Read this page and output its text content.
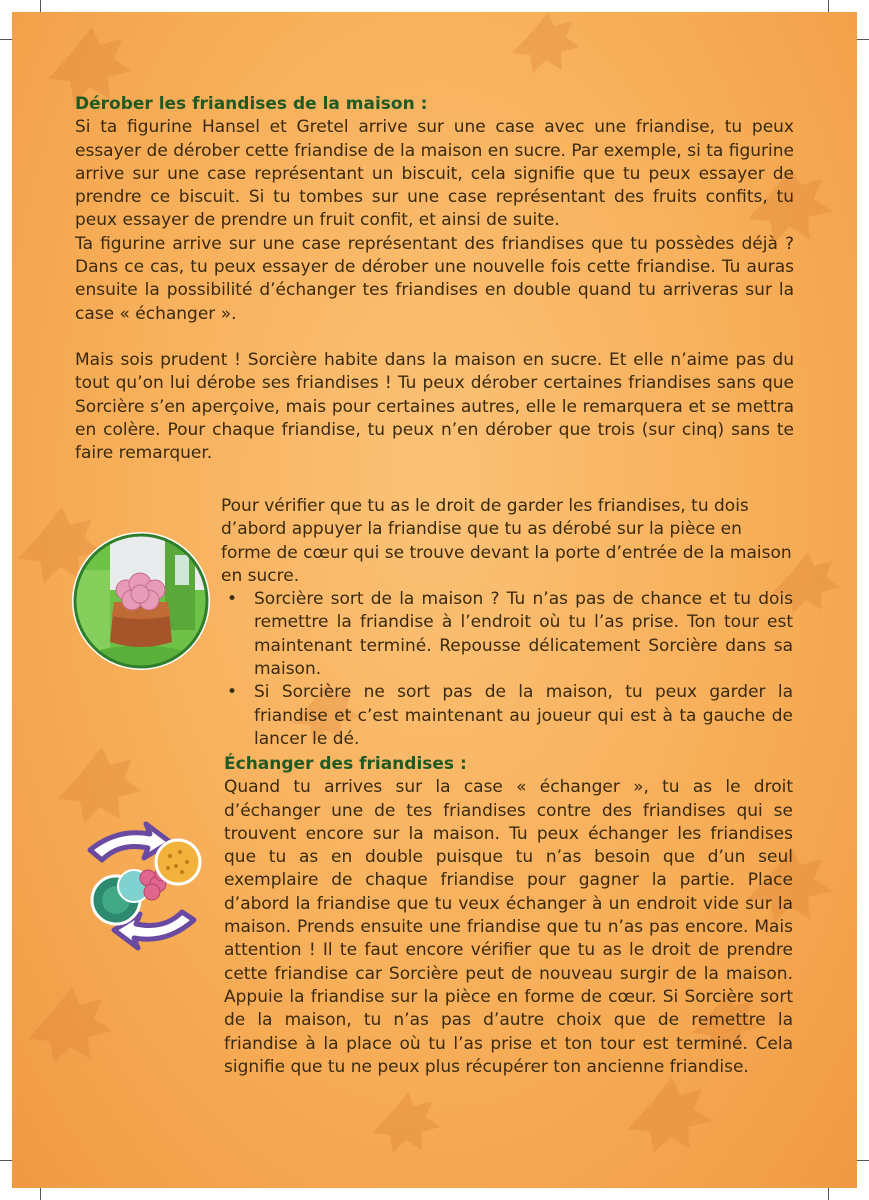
Dérober les friandises de la maison :

Si ta figurine Hansel et Gretel arrive sur une case avec une friandise, tu peux essayer de dérober cette friandise de la maison en sucre. Par exemple, si ta figurine arrive sur une case représentant un biscuit, cela signifie que tu peux essayer de prendre ce biscuit. Si tu tombes sur une case représentant des fruits confits, tu peux essayer de prendre un fruit confit, et ainsi de suite.

Ta figurine arrive sur une case représentant des friandises que tu possèdes déjà ? Dans ce cas, tu peux essayer de dérober une nouvelle fois cette friandise. Tu auras ensuite la possibilité d’échanger tes friandises en double quand tu arriveras sur la case « échanger ».

Mais sois prudent ! Sorcière habite dans la maison en sucre. Et elle n’aime pas du tout qu’on lui dérobe ses friandises ! Tu peux dérober certaines friandises sans que Sorcière s’en aperçoive, mais pour certaines autres, elle le remarquera et se mettra en colère. Pour chaque friandise, tu peux n’en dérober que trois (sur cinq) sans te faire remarquer.

Pour vérifier que tu as le droit de garder les friandises, tu dois d’abord appuyer la friandise que tu as dérobé sur la pièce en forme de cœur qui se trouve devant la porte d’entrée de la maison en sucre.

• Sorcière sort de la maison ? Tu n’as pas de chance et tu dois remettre la friandise à l’endroit où tu l’as prise. Ton tour est maintenant terminé. Repousse délicatement Sorcière dans sa maison.
• Si Sorcière ne sort pas de la maison, tu peux garder la friandise et c’est maintenant au joueur qui est à ta gauche de lancer le dé.

Échanger des friandises :

Quand tu arrives sur la case « échanger », tu as le droit d’échanger une de tes friandises contre des friandises qui se trouvent encore sur la maison. Tu peux échanger les friandises que tu as en double puisque tu n’as besoin que d’un seul exemplaire de chaque friandise pour gagner la partie. Place d’abord la friandise que tu veux échanger à un endroit vide sur la maison. Prends ensuite une friandise que tu n’as pas encore. Mais attention ! Il te faut encore vérifier que tu as le droit de prendre cette friandise car Sorcière peut de nouveau surgir de la maison. Appuie la friandise sur la pièce en forme de cœur. Si Sorcière sort de la maison, tu n’as pas d’autre choix que de remettre la friandise à la place où tu l’as prise et ton tour est terminé. Cela signifie que tu ne peux plus récupérer ton ancienne friandise.
